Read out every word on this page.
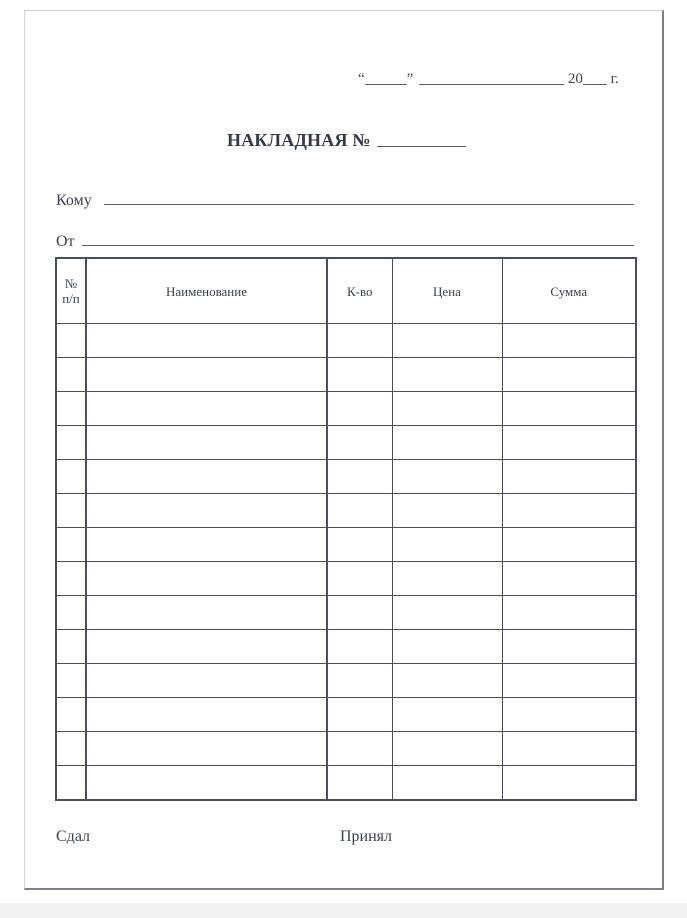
“	”	20 г.
НАКЛАДНАЯ №
Кому
От
№
п/п	Наименование	К-во	Цена	Сумма

Сдал	Принял
